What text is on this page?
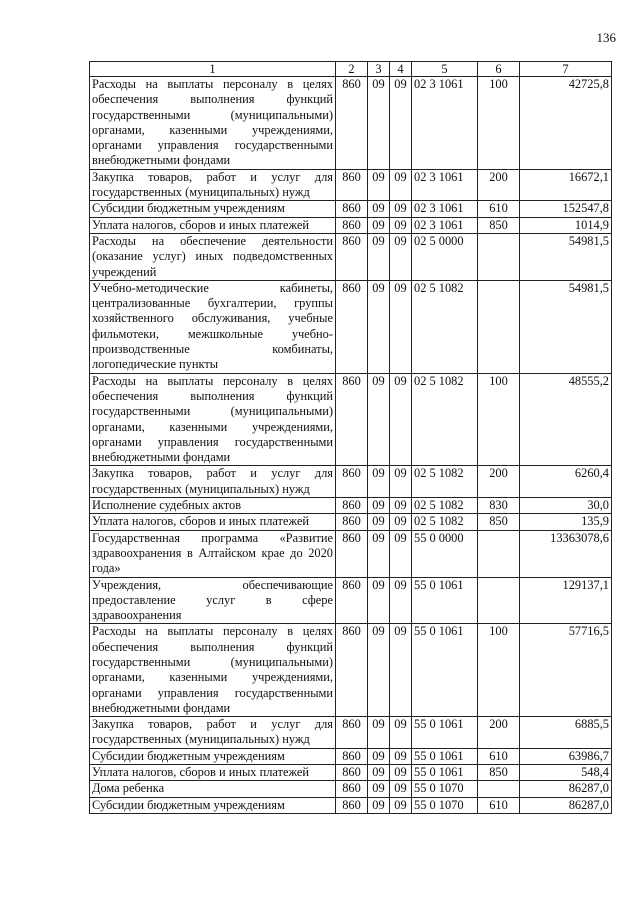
136
1	2	3	4	5	6	7
Расходы на выплаты персоналу в целях обеспечения выполнения функций государственными (муниципальными) органами, казенными учреждениями, органами управления государственными внебюджетными фондами	860	09	09	02 3 1061	100	42725,8
Закупка товаров, работ и услуг для государственных (муниципальных) нужд	860	09	09	02 3 1061	200	16672,1
Субсидии бюджетным учреждениям	860	09	09	02 3 1061	610	152547,8
Уплата налогов, сборов и иных платежей	860	09	09	02 3 1061	850	1014,9
Расходы на обеспечение деятельности (оказание услуг) иных подведомственных учреждений	860	09	09	02 5 0000		54981,5
Учебно-методические кабинеты, централизованные бухгалтерии, группы хозяйственного обслуживания, учебные фильмотеки, межшкольные учебно-производственные комбинаты, логопедические пункты	860	09	09	02 5 1082		54981,5
Расходы на выплаты персоналу в целях обеспечения выполнения функций государственными (муниципальными) органами, казенными учреждениями, органами управления государственными внебюджетными фондами	860	09	09	02 5 1082	100	48555,2
Закупка товаров, работ и услуг для государственных (муниципальных) нужд	860	09	09	02 5 1082	200	6260,4
Исполнение судебных актов	860	09	09	02 5 1082	830	30,0
Уплата налогов, сборов и иных платежей	860	09	09	02 5 1082	850	135,9
Государственная программа «Развитие здравоохранения в Алтайском крае до 2020 года»	860	09	09	55 0 0000		13363078,6
Учреждения, обеспечивающие предоставление услуг в сфере здравоохранения	860	09	09	55 0 1061		129137,1
Расходы на выплаты персоналу в целях обеспечения выполнения функций государственными (муниципальными) органами, казенными учреждениями, органами управления государственными внебюджетными фондами	860	09	09	55 0 1061	100	57716,5
Закупка товаров, работ и услуг для государственных (муниципальных) нужд	860	09	09	55 0 1061	200	6885,5
Субсидии бюджетным учреждениям	860	09	09	55 0 1061	610	63986,7
Уплата налогов, сборов и иных платежей	860	09	09	55 0 1061	850	548,4
Дома ребенка	860	09	09	55 0 1070		86287,0
Субсидии бюджетным учреждениям	860	09	09	55 0 1070	610	86287,0
